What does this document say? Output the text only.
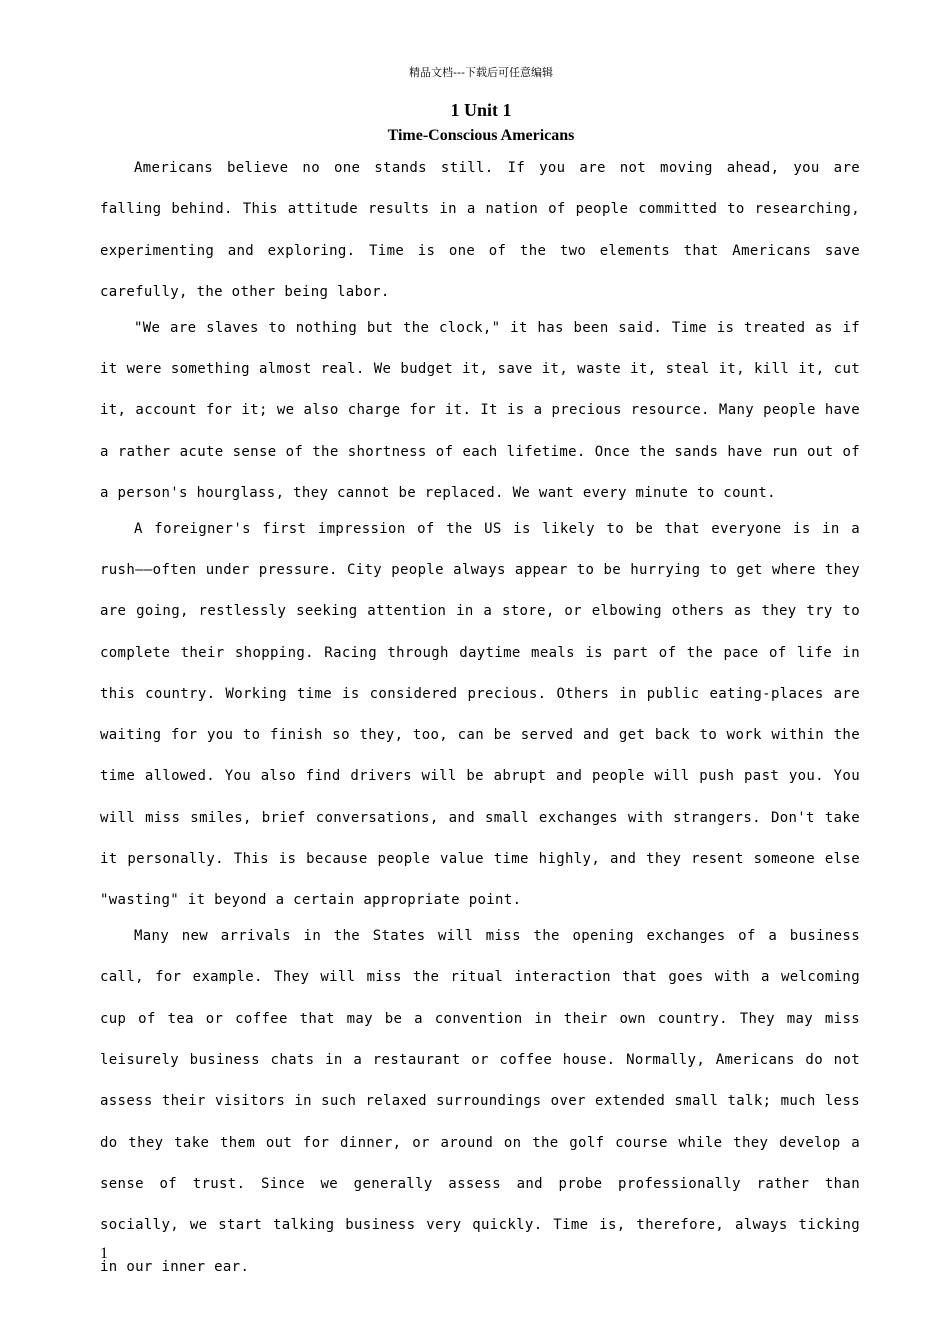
精品文档---下载后可任意编辑
1 Unit 1
Time-Conscious Americans

Americans believe no one stands still. If you are not moving ahead, you are falling behind. This attitude results in a nation of people committed to researching, experimenting and exploring. Time is one of the two elements that Americans save carefully, the other being labor.

"We are slaves to nothing but the clock," it has been said. Time is treated as if it were something almost real. We budget it, save it, waste it, steal it, kill it, cut it, account for it; we also charge for it. It is a precious resource. Many people have a rather acute sense of the shortness of each lifetime. Once the sands have run out of a person's hourglass, they cannot be replaced. We want every minute to count.

A foreigner's first impression of the US is likely to be that everyone is in a rush——often under pressure. City people always appear to be hurrying to get where they are going, restlessly seeking attention in a store, or elbowing others as they try to complete their shopping. Racing through daytime meals is part of the pace of life in this country. Working time is considered precious. Others in public eating-places are waiting for you to finish so they, too, can be served and get back to work within the time allowed. You also find drivers will be abrupt and people will push past you. You will miss smiles, brief conversations, and small exchanges with strangers. Don't take it personally. This is because people value time highly, and they resent someone else "wasting" it beyond a certain appropriate point.

Many new arrivals in the States will miss the opening exchanges of a business call, for example. They will miss the ritual interaction that goes with a welcoming cup of tea or coffee that may be a convention in their own country. They may miss leisurely business chats in a restaurant or coffee house. Normally, Americans do not assess their visitors in such relaxed surroundings over extended small talk; much less do they take them out for dinner, or around on the golf course while they develop a sense of trust. Since we generally assess and probe professionally rather than socially, we start talking business very quickly. Time is, therefore, always ticking in our inner ear.

1
